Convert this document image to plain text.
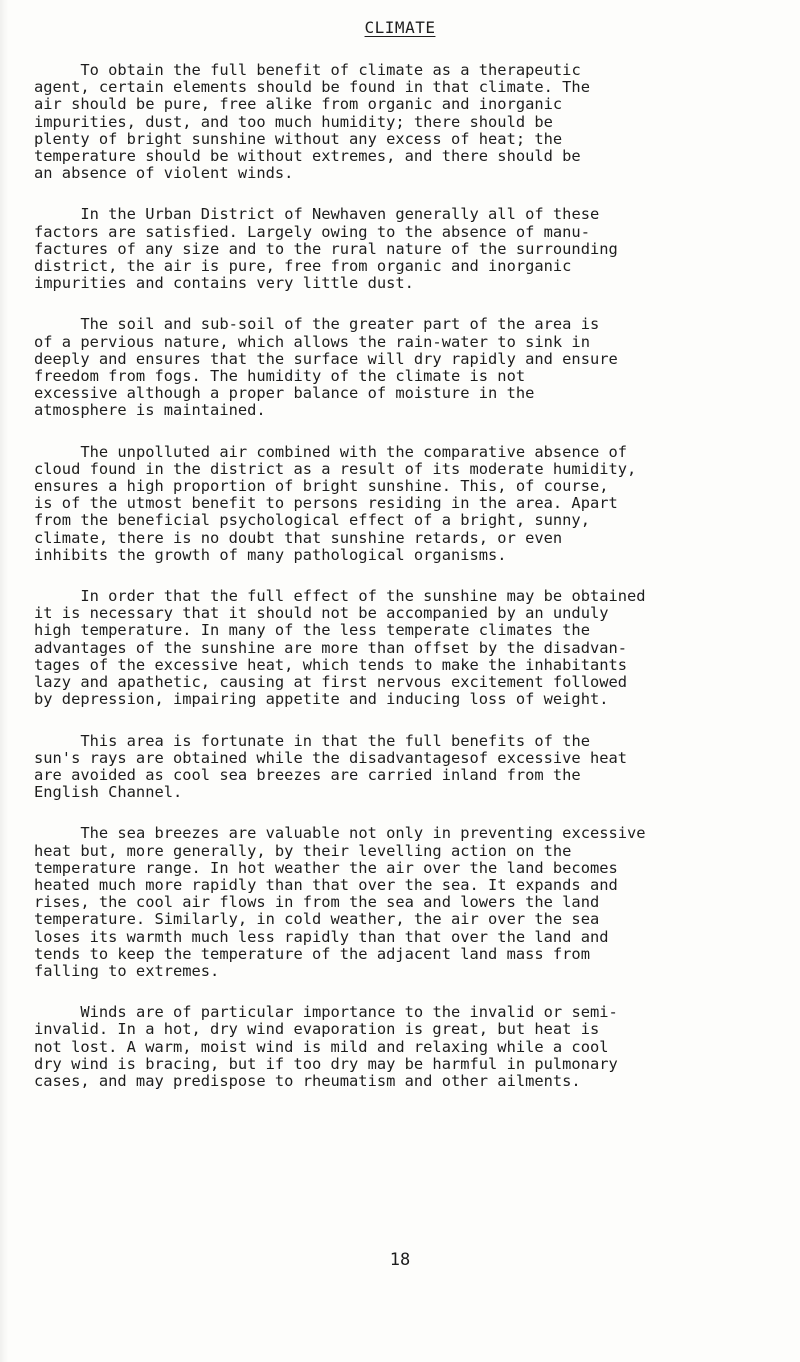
CLIMATE

To obtain the full benefit of climate as a therapeutic
agent, certain elements should be found in that climate. The
air should be pure, free alike from organic and inorganic
impurities, dust, and too much humidity; there should be
plenty of bright sunshine without any excess of heat; the
temperature should be without extremes, and there should be
an absence of violent winds.

In the Urban District of Newhaven generally all of these
factors are satisfied. Largely owing to the absence of manu-
factures of any size and to the rural nature of the surrounding
district, the air is pure, free from organic and inorganic
impurities and contains very little dust.

The soil and sub-soil of the greater part of the area is
of a pervious nature, which allows the rain-water to sink in
deeply and ensures that the surface will dry rapidly and ensure
freedom from fogs. The humidity of the climate is not
excessive although a proper balance of moisture in the
atmosphere is maintained.

The unpolluted air combined with the comparative absence of
cloud found in the district as a result of its moderate humidity,
ensures a high proportion of bright sunshine. This, of course,
is of the utmost benefit to persons residing in the area. Apart
from the beneficial psychological effect of a bright, sunny,
climate, there is no doubt that sunshine retards, or even
inhibits the growth of many pathological organisms.

In order that the full effect of the sunshine may be obtained
it is necessary that it should not be accompanied by an unduly
high temperature. In many of the less temperate climates the
advantages of the sunshine are more than offset by the disadvan-
tages of the excessive heat, which tends to make the inhabitants
lazy and apathetic, causing at first nervous excitement followed
by depression, impairing appetite and inducing loss of weight.

This area is fortunate in that the full benefits of the
sun's rays are obtained while the disadvantagesof excessive heat
are avoided as cool sea breezes are carried inland from the
English Channel.

The sea breezes are valuable not only in preventing excessive
heat but, more generally, by their levelling action on the
temperature range. In hot weather the air over the land becomes
heated much more rapidly than that over the sea. It expands and
rises, the cool air flows in from the sea and lowers the land
temperature. Similarly, in cold weather, the air over the sea
loses its warmth much less rapidly than that over the land and
tends to keep the temperature of the adjacent land mass from
falling to extremes.

Winds are of particular importance to the invalid or semi-
invalid. In a hot, dry wind evaporation is great, but heat is
not lost. A warm, moist wind is mild and relaxing while a cool
dry wind is bracing, but if too dry may be harmful in pulmonary
cases, and may predispose to rheumatism and other ailments.

18
